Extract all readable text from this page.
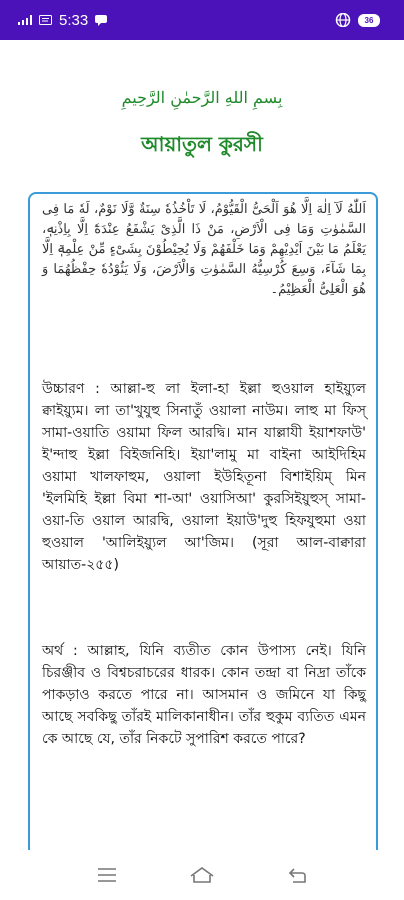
5:33	36
بِسمِ اللهِ الرَّحمٰنِ الرَّحِيمِ
আয়াতুল কুরসী

اَللّٰهُ لَآ اِلٰهَ اِلَّا هُوَ اَلْحَیُّ الْقَیُّوْمُ، لَا تَاْخُذُهٗ سِنَةٌ وَّلَا نَوْمٌ، لَهٗ مَا فِی السَّمٰوٰتِ وَمَا فِی الْاَرْضِ، مَنْ ذَا الَّذِیْ یَشْفَعُ عِنْدَهٗٓ اِلَّا بِاِذْنِهٖ، یَعْلَمُ مَا بَیْنَ اَیْدِیْهِمْ وَمَا خَلْفَهُمْ وَلَا یُحِیْطُوْنَ بِشَیْءٍ مِّنْ عِلْمِهٖٓ اِلَّا بِمَا شَآءَ، وَسِعَ كُرْسِیُّهُ السَّمٰوٰتِ وَالْاَرْضَ، وَلَا یَئُوْدُهٗ حِفْظُهُمَا وَ هُوَ الْعَلِیُّ الْعَظِیْمُ۔

উচ্চারণ : আল্লা-হু লা ইলা-হা ইল্লা হুওয়াল হাইয়্যুল ক্বাইয়্যুম। লা তা'খুযুহু সিনাতুঁ ওয়ালা নাউম। লাহু মা ফিস্ সামা-ওয়াতি ওয়ামা ফিল আরদ্বি। মান যাল্লাযী ইয়াশফাউ' ই'ন্দাহু ইল্লা বিইজনিহি। ইয়া'লামু মা বাইনা আইদিহিম ওয়ামা খালফাহুম, ওয়ালা ইউহিতূনা বিশাইয়িম্ মিন 'ইলমিহি ইল্লা বিমা শা-আ' ওয়াসিআ' কুরসিইয়ুহুস্ সামা-ওয়া-তি ওয়াল আরদ্বি, ওয়ালা ইয়াউ'দুহু হিফযুহুমা ওয়া হুওয়াল 'আলিইয়্যুল আ'জিম। (সূরা আল-বাক্বারা আয়াত-২৫৫)

অর্থ : আল্লাহ, যিনি ব্যতীত কোন উপাস্য নেই। যিনি চিরঞ্জীব ও বিশ্বচরাচরের ধারক। কোন তন্দ্রা বা নিদ্রা তাঁকে পাকড়াও করতে পারে না। আসমান ও জমিনে যা কিছু আছে সবকিছু তাঁরই মালিকানাধীন। তাঁর হুকুম ব্যতিত এমন কে আছে যে, তাঁর নিকটে সুপারিশ করতে পারে?
